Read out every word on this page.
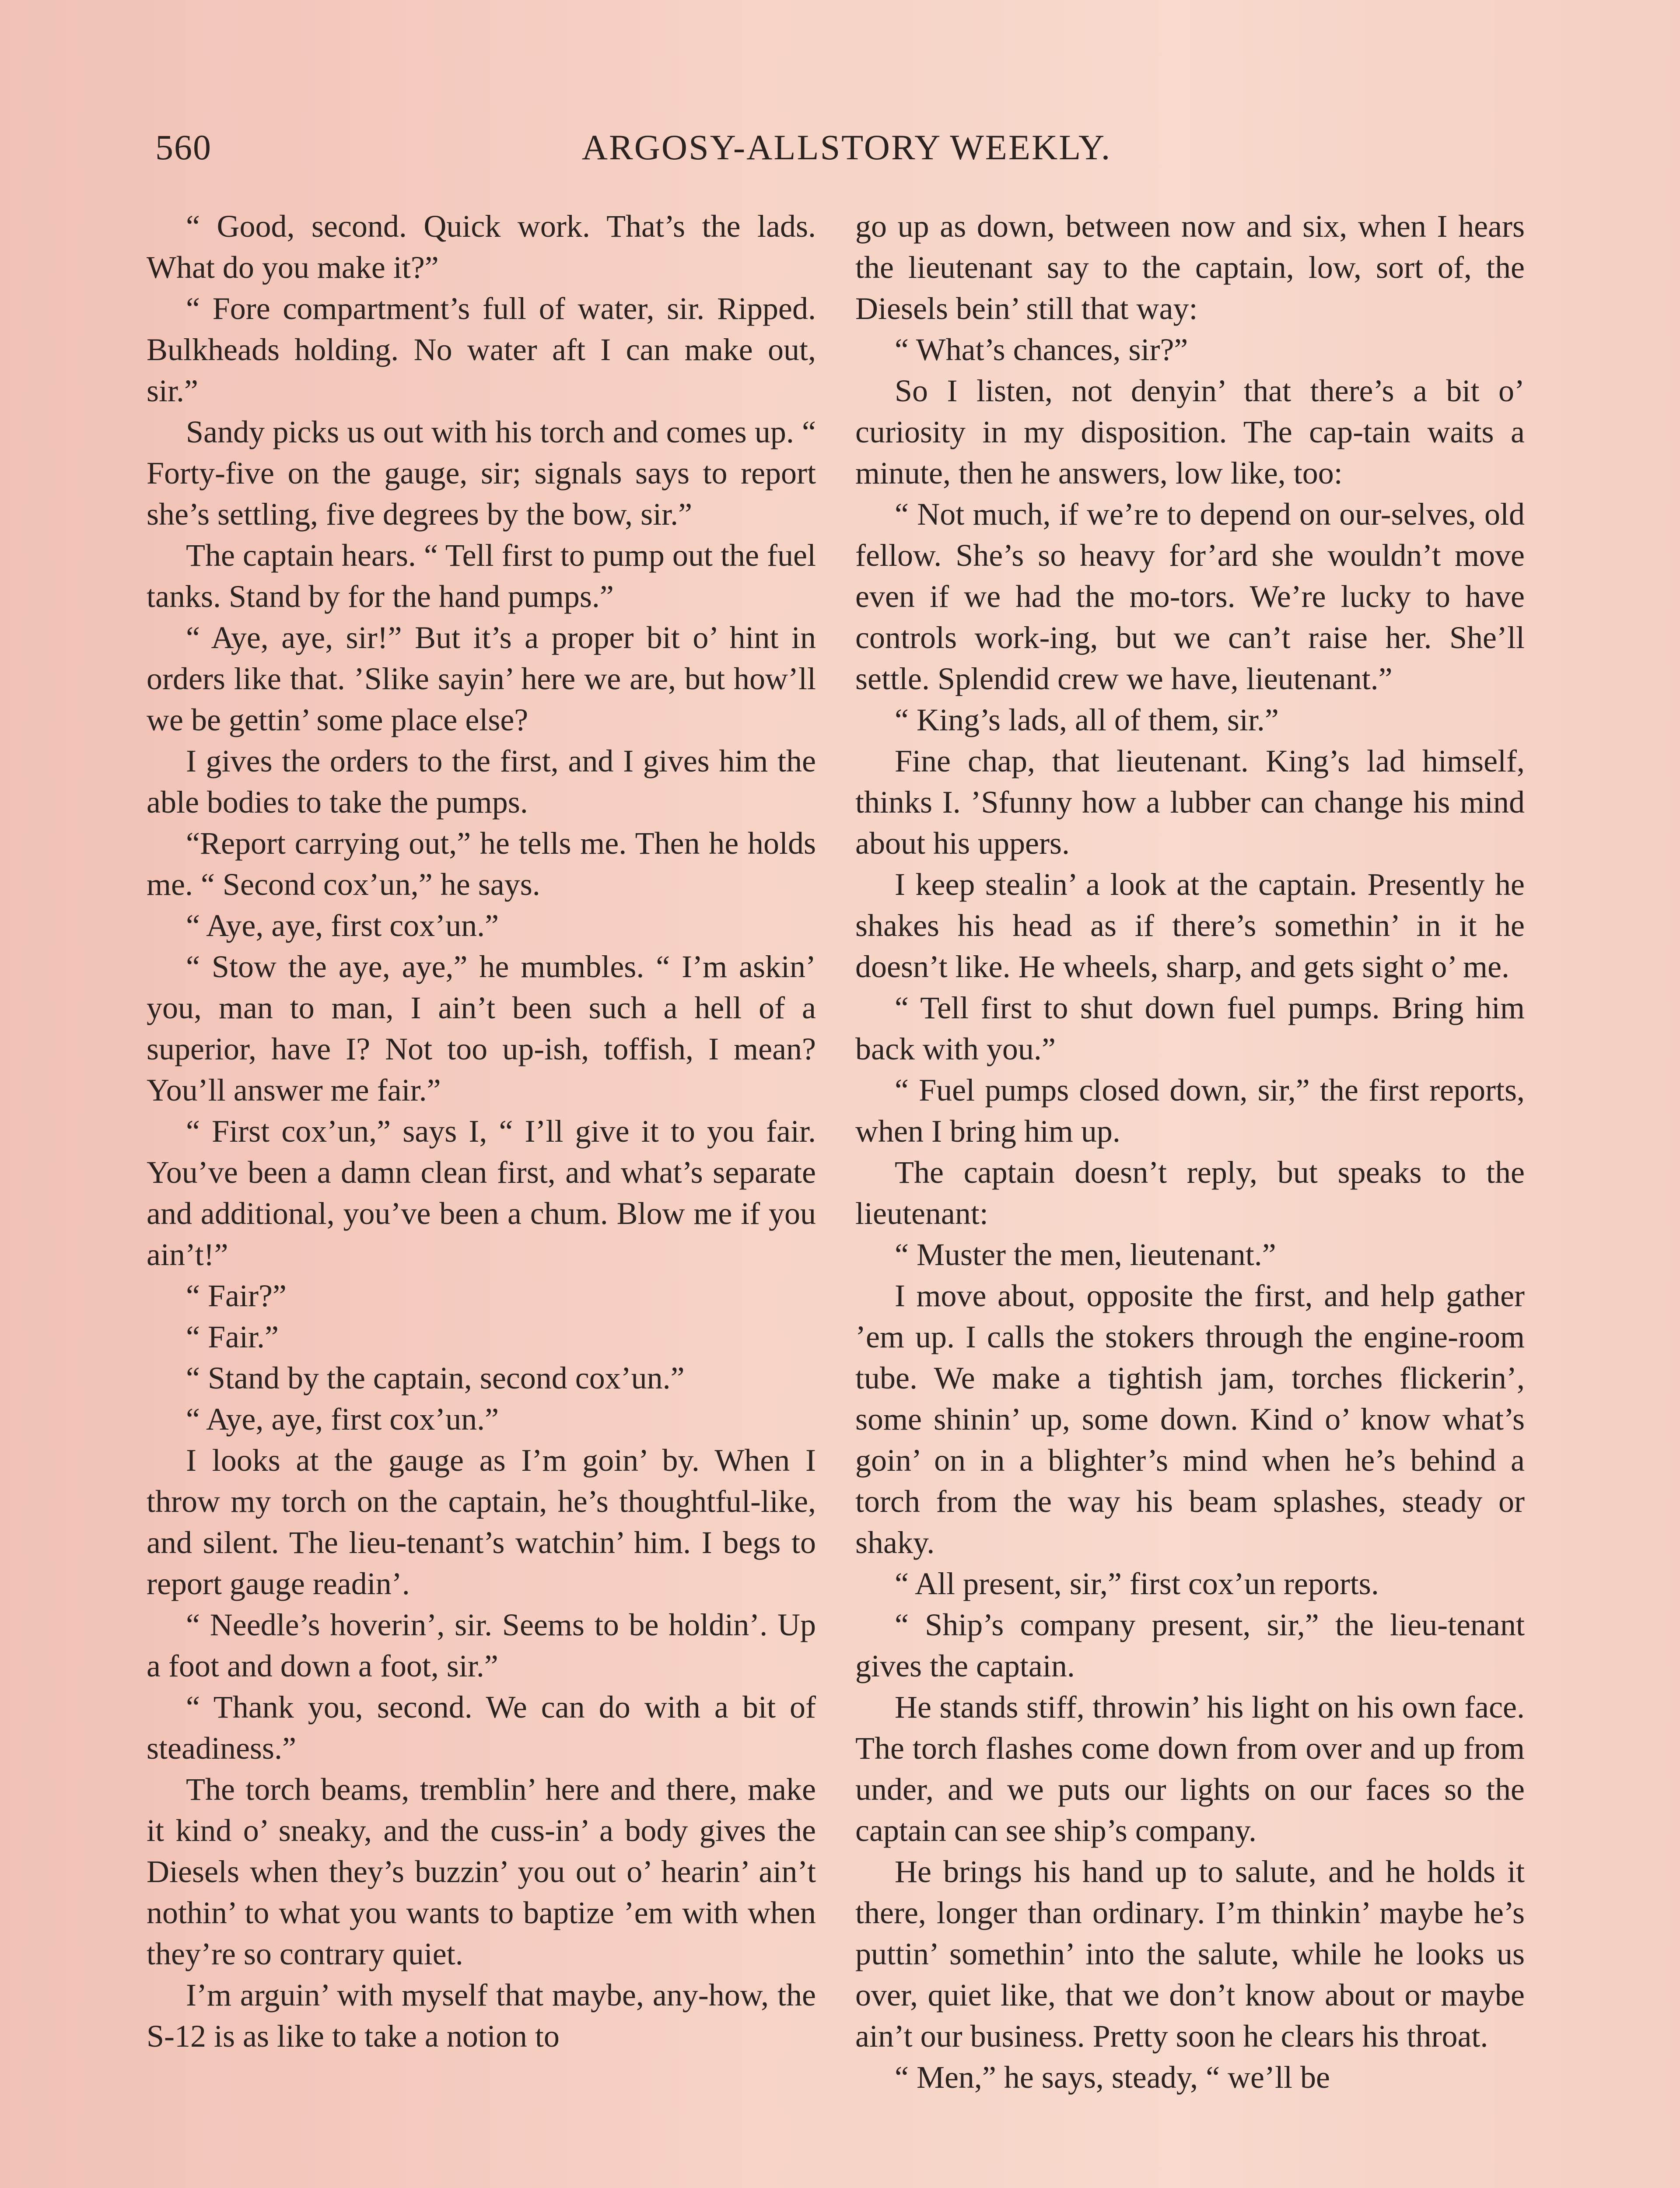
560	ARGOSY-ALLSTORY WEEKLY.

“ Good, second. Quick work. That’s the lads. What do you make it?”

“ Fore compartment’s full of water, sir. Ripped. Bulkheads holding. No water aft I can make out, sir.”

Sandy picks us out with his torch and comes up. “ Forty-five on the gauge, sir; signals says to report she’s settling, five degrees by the bow, sir.”

The captain hears. “ Tell first to pump out the fuel tanks. Stand by for the hand pumps.”

“ Aye, aye, sir!” But it’s a proper bit o’ hint in orders like that. ’Slike sayin’ here we are, but how’ll we be gettin’ some place else?

I gives the orders to the first, and I gives him the able bodies to take the pumps.

“Report carrying out,” he tells me. Then he holds me. “ Second cox’un,” he says.

“ Aye, aye, first cox’un.”

“ Stow the aye, aye,” he mumbles. “ I’m askin’ you, man to man, I ain’t been such a hell of a superior, have I? Not too up-ish, toffish, I mean? You’ll answer me fair.”

“ First cox’un,” says I, “ I’ll give it to you fair. You’ve been a damn clean first, and what’s separate and additional, you’ve been a chum. Blow me if you ain’t!”

“ Fair?”

“ Fair.”

“ Stand by the captain, second cox’un.”

“ Aye, aye, first cox’un.”

I looks at the gauge as I’m goin’ by. When I throw my torch on the captain, he’s thoughtful-like, and silent. The lieu-tenant’s watchin’ him. I begs to report gauge readin’.

“ Needle’s hoverin’, sir. Seems to be holdin’. Up a foot and down a foot, sir.”

“ Thank you, second. We can do with a bit of steadiness.”

The torch beams, tremblin’ here and there, make it kind o’ sneaky, and the cuss-in’ a body gives the Diesels when they’s buzzin’ you out o’ hearin’ ain’t nothin’ to what you wants to baptize ’em with when they’re so contrary quiet.

I’m arguin’ with myself that maybe, any-how, the S-12 is as like to take a notion to

go up as down, between now and six, when I hears the lieutenant say to the captain, low, sort of, the Diesels bein’ still that way:

“ What’s chances, sir?”

So I listen, not denyin’ that there’s a bit o’ curiosity in my disposition. The cap-tain waits a minute, then he answers, low like, too:

“ Not much, if we’re to depend on our-selves, old fellow. She’s so heavy for’ard she wouldn’t move even if we had the mo-tors. We’re lucky to have controls work-ing, but we can’t raise her. She’ll settle. Splendid crew we have, lieutenant.”

“ King’s lads, all of them, sir.”

Fine chap, that lieutenant. King’s lad himself, thinks I. ’Sfunny how a lubber can change his mind about his uppers.

I keep stealin’ a look at the captain. Presently he shakes his head as if there’s somethin’ in it he doesn’t like. He wheels, sharp, and gets sight o’ me.

“ Tell first to shut down fuel pumps. Bring him back with you.”

“ Fuel pumps closed down, sir,” the first reports, when I bring him up.

The captain doesn’t reply, but speaks to the lieutenant:

“ Muster the men, lieutenant.”

I move about, opposite the first, and help gather ’em up. I calls the stokers through the engine-room tube. We make a tightish jam, torches flickerin’, some shinin’ up, some down. Kind o’ know what’s goin’ on in a blighter’s mind when he’s behind a torch from the way his beam splashes, steady or shaky.

“ All present, sir,” first cox’un reports.

“ Ship’s company present, sir,” the lieu-tenant gives the captain.

He stands stiff, throwin’ his light on his own face. The torch flashes come down from over and up from under, and we puts our lights on our faces so the captain can see ship’s company.

He brings his hand up to salute, and he holds it there, longer than ordinary. I’m thinkin’ maybe he’s puttin’ somethin’ into the salute, while he looks us over, quiet like, that we don’t know about or maybe ain’t our business. Pretty soon he clears his throat.

“ Men,” he says, steady, “ we’ll be
